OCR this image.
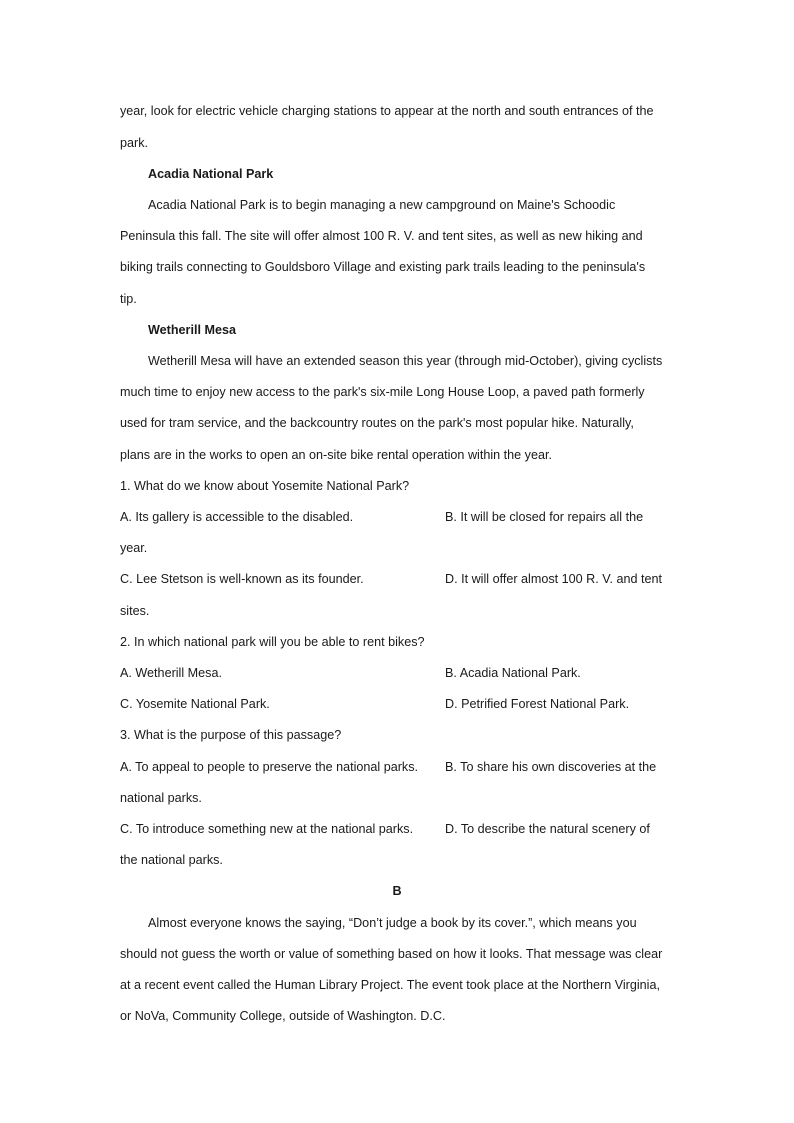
year, look for electric vehicle charging stations to appear at the north and south entrances of the
park.
Acadia National Park
Acadia National Park is to begin managing a new campground on Maine's Schoodic
Peninsula this fall. The site will offer almost 100 R. V. and tent sites, as well as new hiking and
biking trails connecting to Gouldsboro Village and existing park trails leading to the peninsula's
tip.
Wetherill Mesa
Wetherill Mesa will have an extended season this year (through mid-October), giving cyclists
much time to enjoy new access to the park's six-mile Long House Loop, a paved path formerly
used for tram service, and the backcountry routes on the park's most popular hike. Naturally,
plans are in the works to open an on-site bike rental operation within the year.
1. What do we know about Yosemite National Park?
A. Its gallery is accessible to the disabled.	B. It will be closed for repairs all the
year.
C. Lee Stetson is well-known as its founder.	D. It will offer almost 100 R. V. and tent
sites.
2. In which national park will you be able to rent bikes?
A. Wetherill Mesa.	B. Acadia National Park.
C. Yosemite National Park.	D. Petrified Forest National Park.
3. What is the purpose of this passage?
A. To appeal to people to preserve the national parks.	B. To share his own discoveries at the
national parks.
C. To introduce something new at the national parks.	D. To describe the natural scenery of
the national parks.
B
Almost everyone knows the saying, “Don’t judge a book by its cover.”, which means you
should not guess the worth or value of something based on how it looks. That message was clear
at a recent event called the Human Library Project. The event took place at the Northern Virginia,
or NoVa, Community College, outside of Washington. D.C.
